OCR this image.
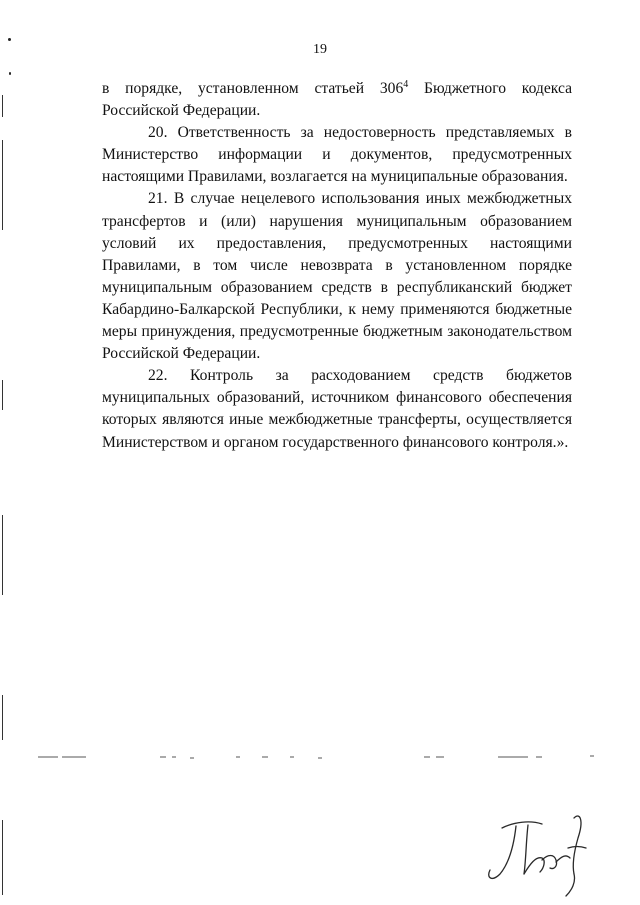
19

в порядке, установленном статьей $306^4$ Бюджетного кодекса Российской Федерации.

20. Ответственность за недостоверность представляемых в Министерство информации и документов, предусмотренных настоящими Правилами, возлагается на муниципальные образования.

21. В случае нецелевого использования иных межбюджетных трансфертов и (или) нарушения муниципальным образованием условий их предоставления, предусмотренных настоящими Правилами, в том числе невозврата в установленном порядке муниципальным образованием средств в республиканский бюджет Кабардино-Балкарской Республики, к нему применяются бюджетные меры принуждения, предусмотренные бюджетным законодательством Российской Федерации.

22. Контроль за расходованием средств бюджетов муниципальных образований, источником финансового обеспечения которых являются иные межбюджетные трансферты, осуществляется Министерством и органом государственного финансового контроля.».
